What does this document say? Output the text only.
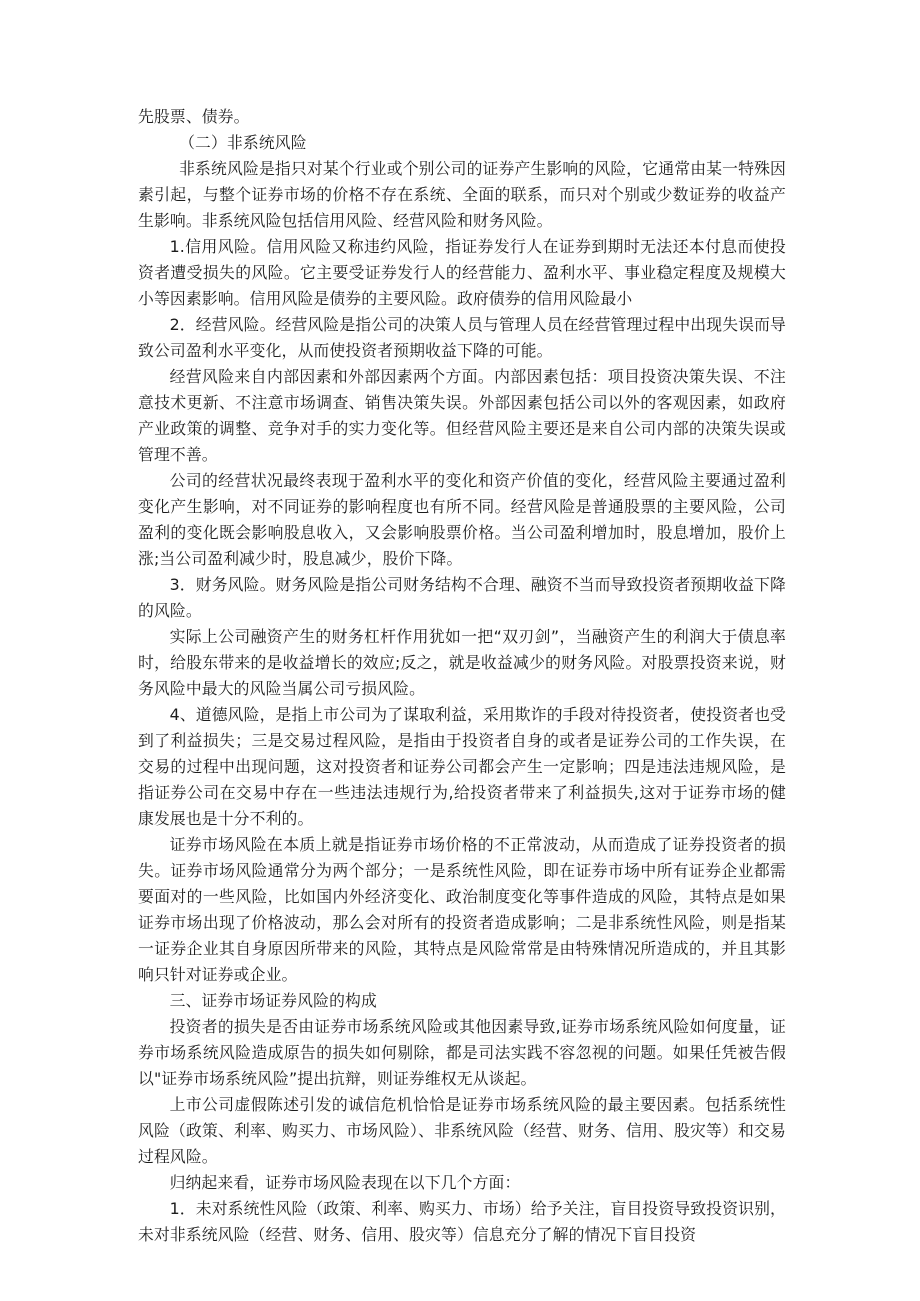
先股票、债券。

（二）非系统风险

非系统风险是指只对某个行业或个别公司的证券产生影响的风险，它通常由某一特殊因素引起，与整个证券市场的价格不存在系统、全面的联系，而只对个别或少数证券的收益产生影响。非系统风险包括信用风险、经营风险和财务风险。

1.信用风险。信用风险又称违约风险，指证券发行人在证券到期时无法还本付息而使投资者遭受损失的风险。它主要受证券发行人的经营能力、盈利水平、事业稳定程度及规模大小等因素影响。信用风险是债券的主要风险。政府债券的信用风险最小

2．经营风险。经营风险是指公司的决策人员与管理人员在经营管理过程中出现失误而导致公司盈利水平变化，从而使投资者预期收益下降的可能。

经营风险来自内部因素和外部因素两个方面。内部因素包括：项目投资决策失误、不注意技术更新、不注意市场调查、销售决策失误。外部因素包括公司以外的客观因素，如政府产业政策的调整、竞争对手的实力变化等。但经营风险主要还是来自公司内部的决策失误或管理不善。

公司的经营状况最终表现于盈利水平的变化和资产价值的变化，经营风险主要通过盈利变化产生影响，对不同证券的影响程度也有所不同。经营风险是普通股票的主要风险，公司盈利的变化既会影响股息收入，又会影响股票价格。当公司盈利增加时，股息增加，股价上涨;当公司盈利减少时，股息减少，股价下降。

3．财务风险。财务风险是指公司财务结构不合理、融资不当而导致投资者预期收益下降的风险。

实际上公司融资产生的财务杠杆作用犹如一把“双刃剑”，当融资产生的利润大于债息率时，给股东带来的是收益增长的效应;反之，就是收益减少的财务风险。对股票投资来说，财务风险中最大的风险当属公司亏损风险。

4、道德风险，是指上市公司为了谋取利益，采用欺诈的手段对待投资者，使投资者也受到了利益损失；三是交易过程风险，是指由于投资者自身的或者是证券公司的工作失误，在交易的过程中出现问题，这对投资者和证券公司都会产生一定影响；四是违法违规风险，是指证券公司在交易中存在一些违法违规行为,给投资者带来了利益损失,这对于证券市场的健康发展也是十分不利的。

证券市场风险在本质上就是指证券市场价格的不正常波动，从而造成了证券投资者的损失。证券市场风险通常分为两个部分；一是系统性风险，即在证券市场中所有证券企业都需要面对的一些风险，比如国内外经济变化、政治制度变化等事件造成的风险，其特点是如果证券市场出现了价格波动，那么会对所有的投资者造成影响；二是非系统性风险，则是指某一证券企业其自身原因所带来的风险，其特点是风险常常是由特殊情况所造成的，并且其影响只针对证券或企业。

三、证券市场证券风险的构成

投资者的损失是否由证券市场系统风险或其他因素导致,证券市场系统风险如何度量，证券市场系统风险造成原告的损失如何剔除，都是司法实践不容忽视的问题。如果任凭被告假以"证券市场系统风险”提出抗辩，则证券维权无从谈起。

上市公司虚假陈述引发的诚信危机恰恰是证券市场系统风险的最主要因素。包括系统性风险（政策、利率、购买力、市场风险）、非系统风险（经营、财务、信用、股灾等）和交易过程风险。

归纳起来看，证券市场风险表现在以下几个方面：

1．未对系统性风险（政策、利率、购买力、市场）给予关注，盲目投资导致投资识别，未对非系统风险（经营、财务、信用、股灾等）信息充分了解的情况下盲目投资
